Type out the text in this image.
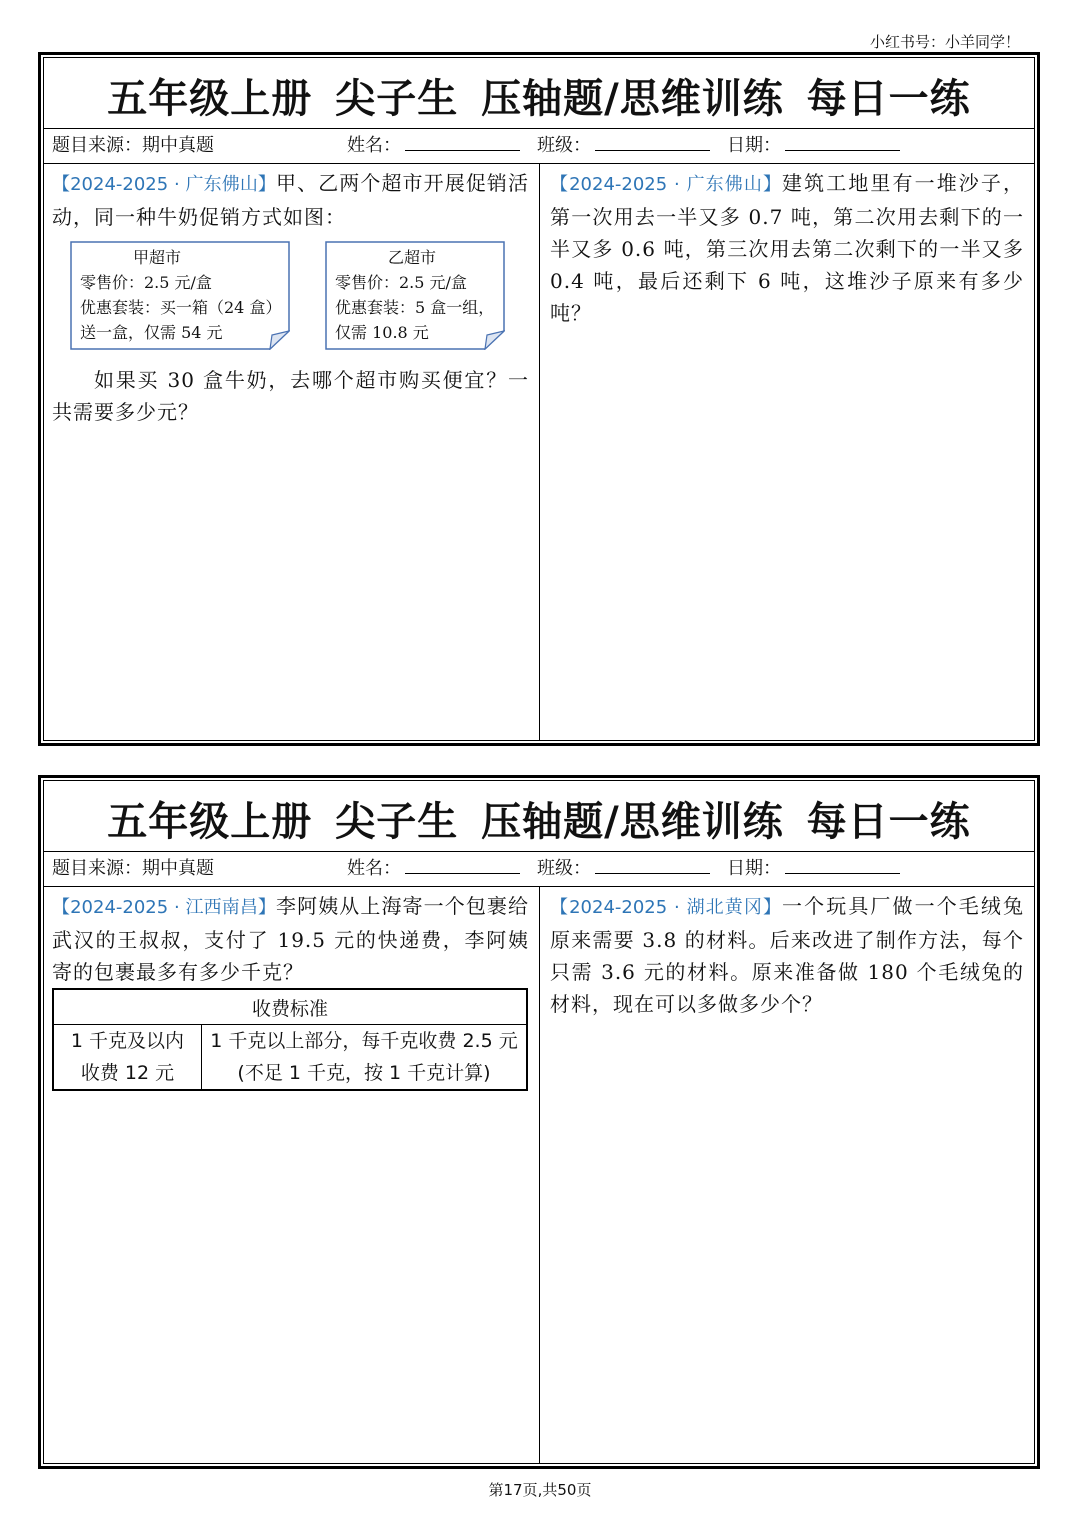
小红书号：小羊同学！
五年级上册 尖子生 压轴题/思维训练 每日一练
题目来源：期中真题	姓名：	班级：	日期：

【2024-2025 · 广东佛山】甲、乙两个超市开展促销活动，同一种牛奶促销方式如图：

甲超市
零售价：2.5 元/盒
优惠套装：买一箱（24 盒）
送一盒，仅需 54 元
乙超市
零售价：2.5 元/盒
优惠套装：5 盒一组，
仅需 10.8 元

如果买 30 盒牛奶，去哪个超市购买便宜？一共需要多少元？

【2024-2025 · 广东佛山】建筑工地里有一堆沙子，第一次用去一半又多 0.7 吨，第二次用去剩下的一半又多 0.6 吨，第三次用去第二次剩下的一半又多 0.4 吨，最后还剩下 6 吨，这堆沙子原来有多少吨？

五年级上册 尖子生 压轴题/思维训练 每日一练
题目来源：期中真题	姓名：	班级：	日期：

【2024-2025 · 江西南昌】李阿姨从上海寄一个包裹给武汉的王叔叔，支付了 19.5 元的快递费，李阿姨寄的包裹最多有多少千克？

收费标准

1 千克及以内
收费 12 元

1 千克以上部分，每千克收费 2.5 元
(不足 1 千克，按 1 千克计算)

【2024-2025 · 湖北黄冈】一个玩具厂做一个毛绒兔原来需要 3.8 的材料。后来改进了制作方法，每个只需 3.6 元的材料。原来准备做 180 个毛绒兔的材料，现在可以多做多少个？

第17页,共50页
